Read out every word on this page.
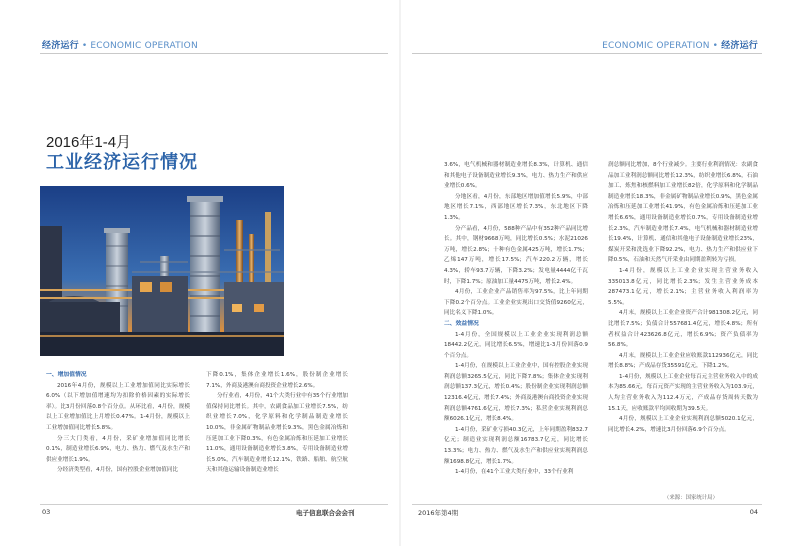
经济运行 • ECONOMIC OPERATION	ECONOMIC OPERATION • 经济运行
2016年1-4月
工业经济运行情况
一、增加值情况

2016年4月份，规模以上工业增加值同比实际增长6.0%（以下增加值增速均为扣除价格因素的实际增长率）。比3月份回落0.8个百分点。从环比看，4月份，规模以上工业增加值比上月增长0.47%。1-4月份，规模以上工业增加值同比增长5.8%。

分三大门类看，4月份，采矿业增加值同比增长0.1%，制造业增长6.9%，电力、热力、燃气及水生产和供应业增长1.9%。

分经济类型看，4月份，国有控股企业增加值同比

下降0.1%，集体企业增长1.6%，股份制企业增长7.1%，外商及港澳台商投资企业增长2.6%。

分行业看，4月份，41个大类行业中有35个行业增加值保持同比增长。其中，农副食品加工业增长7.5%，纺织业增长7.0%，化学原料和化学制品制造业增长10.0%，非金属矿物制品业增长9.3%，黑色金属冶炼和压延加工业下降0.3%，有色金属冶炼和压延加工业增长11.0%，通用设备制造业增长3.8%，专用设备制造业增长5.0%，汽车制造业增长12.1%，铁路、船舶、航空航天和其他运输设备制造业增长

3.6%，电气机械和器材制造业增长8.3%，计算机、通信和其他电子设备制造业增长9.3%，电力、热力生产和供应业增长0.6%。

分地区看，4月份，东部地区增加值增长5.9%，中部地区增长7.1%，西部地区增长7.3%，东北地区下降1.3%。

分产品看，4月份，588种产品中有352种产品同比增长。其中，钢材9668万吨，同比增长0.5%；水泥21026万吨，增长2.8%；十种有色金属425万吨，增长1.7%；乙烯147万吨，增长17.5%；汽车220.2万辆，增长4.3%，轿车93.7万辆，下降3.2%；发电量4444亿千瓦时，下降1.7%；原油加工量4475万吨，增长2.4%。

4月份，工业企业产品销售率为97.5%，比上年同期下降0.2个百分点。工业企业实现出口交货值9260亿元，同比名义下降1.0%。

二、效益情况

1-4月份，全国规模以上工业企业实现利润总额18442.2亿元，同比增长6.5%，增速比1-3月份回落0.9个百分点。

1-4月份，在规模以上工业企业中，国有控股企业实现利润总额3265.5亿元，同比下降7.8%；集体企业实现利润总额137.3亿元，增长0.4%；股份制企业实现利润总额12316.4亿元，增长7.4%；外商及港澳台商投资企业实现利润总额4761.6亿元，增长7.3%；私营企业实现利润总额6026.1亿元，增长8.4%。

1-4月份，采矿业亏损40.3亿元，上年同期盈利832.7亿元；制造业实现利润总额16783.7亿元，同比增长13.3%；电力、热力、燃气及水生产和供应业实现利润总额1698.8亿元，增长1.7%。

1-4月份，在41个工业大类行业中，33个行业利

润总额同比增加，8个行业减少。主要行业利润情况：农副食品加工业利润总额同比增长12.3%，纺织业增长6.8%，石油加工、炼焦和核燃料加工业增长82倍，化学原料和化学制品制造业增长18.3%，非金属矿物制品业增长0.9%，黑色金属冶炼和压延加工业增长41.9%，有色金属冶炼和压延加工业增长6.6%，通用设备制造业增长0.7%，专用设备制造业增长2.3%，汽车制造业增长7.4%，电气机械和器材制造业增长19.4%，计算机、通信和其他电子设备制造业增长23%，煤炭开采和洗选业下降92.2%，电力、热力生产和供应业下降0.5%，石油和天然气开采业由同期盈利转为亏损。

1-4月份，规模以上工业企业实现主营业务收入335013.8亿元，同比增长2.3%；发生主营业务成本287473.1亿元，增长2.1%；主营业务收入利润率为5.5%。

4月末，规模以上工业企业资产合计981308.2亿元，同比增长7.5%；负债合计557681.4亿元，增长4.8%；所有者权益合计423626.8亿元，增长6.9%；资产负债率为56.8%。

4月末，规模以上工业企业应收账款112936亿元，同比增长8.8%；产成品存货35591亿元，下降1.2%。

1-4月份，规模以上工业企业每百元主营业务收入中的成本为85.66元，每百元资产实现的主营业务收入为103.9元，人均主营业务收入为112.4万元，产成品存货周转天数为15.1天，应收账款平均回收期为39.5天。

4月份，规模以上工业企业实现利润总额5020.1亿元，同比增长4.2%，增速比3月份回落6.9个百分点。

（来源：国家统计局）
03	电子信息联合会会刊	2016年第4期	04
